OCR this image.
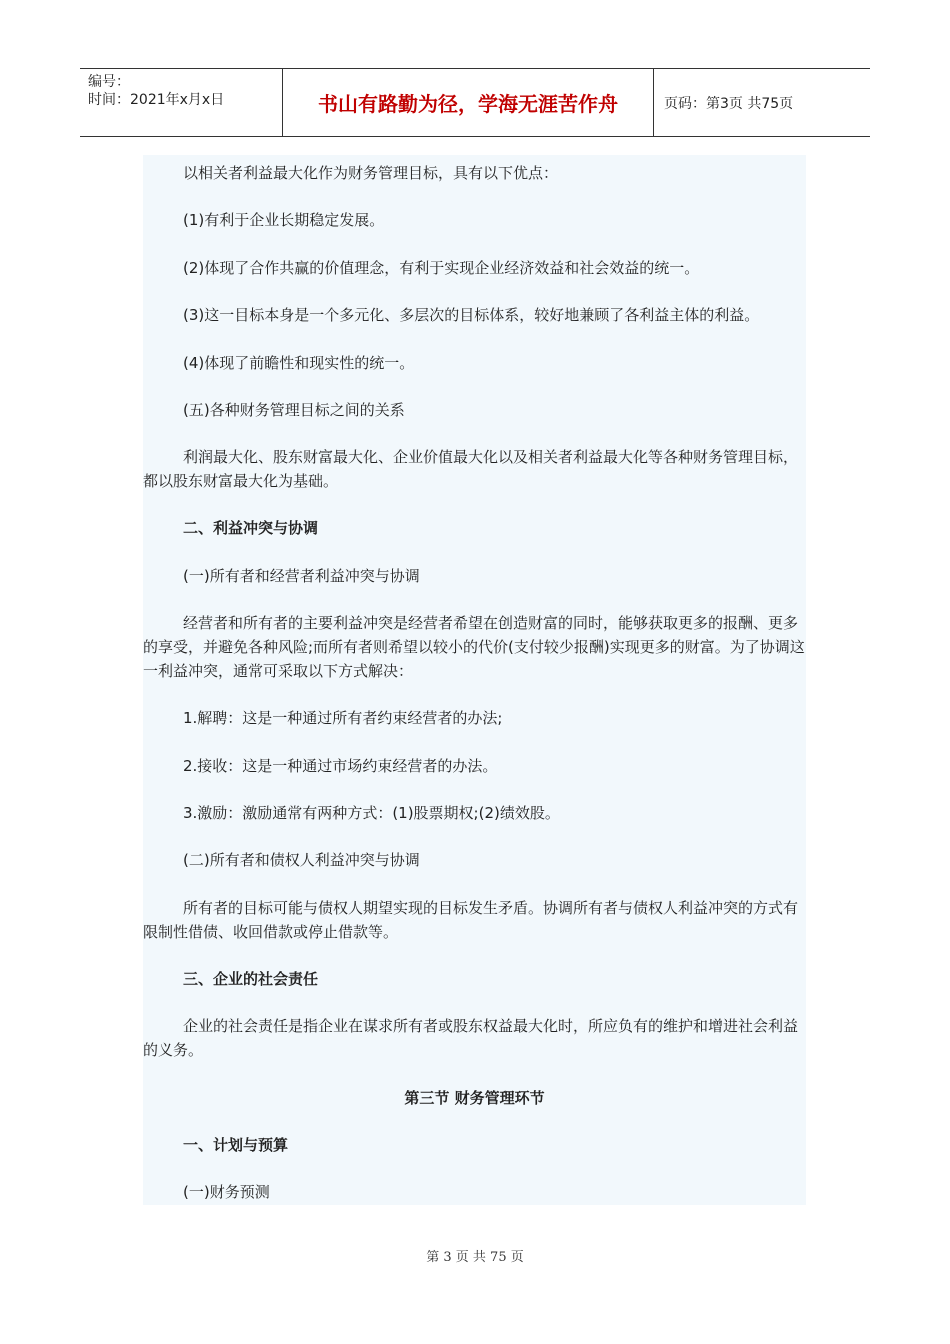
编号：
时间：2021年x月x日	书山有路勤为径，学海无涯苦作舟	页码：第3页 共75页

以相关者利益最大化作为财务管理目标，具有以下优点：

(1)有利于企业长期稳定发展。

(2)体现了合作共赢的价值理念，有利于实现企业经济效益和社会效益的统一。

(3)这一目标本身是一个多元化、多层次的目标体系，较好地兼顾了各利益主体的利益。

(4)体现了前瞻性和现实性的统一。

(五)各种财务管理目标之间的关系

利润最大化、股东财富最大化、企业价值最大化以及相关者利益最大化等各种财务管理目标，都以股东财富最大化为基础。

二、利益冲突与协调

(一)所有者和经营者利益冲突与协调

经营者和所有者的主要利益冲突是经营者希望在创造财富的同时，能够获取更多的报酬、更多的享受，并避免各种风险;而所有者则希望以较小的代价(支付较少报酬)实现更多的财富。为了协调这一利益冲突，通常可采取以下方式解决：

1.解聘：这是一种通过所有者约束经营者的办法;

2.接收：这是一种通过市场约束经营者的办法。

3.激励：激励通常有两种方式：(1)股票期权;(2)绩效股。

(二)所有者和债权人利益冲突与协调

所有者的目标可能与债权人期望实现的目标发生矛盾。协调所有者与债权人利益冲突的方式有限制性借债、收回借款或停止借款等。

三、企业的社会责任

企业的社会责任是指企业在谋求所有者或股东权益最大化时，所应负有的维护和增进社会利益的义务。

第三节 财务管理环节

一、计划与预算

(一)财务预测

第 3 页 共 75 页
